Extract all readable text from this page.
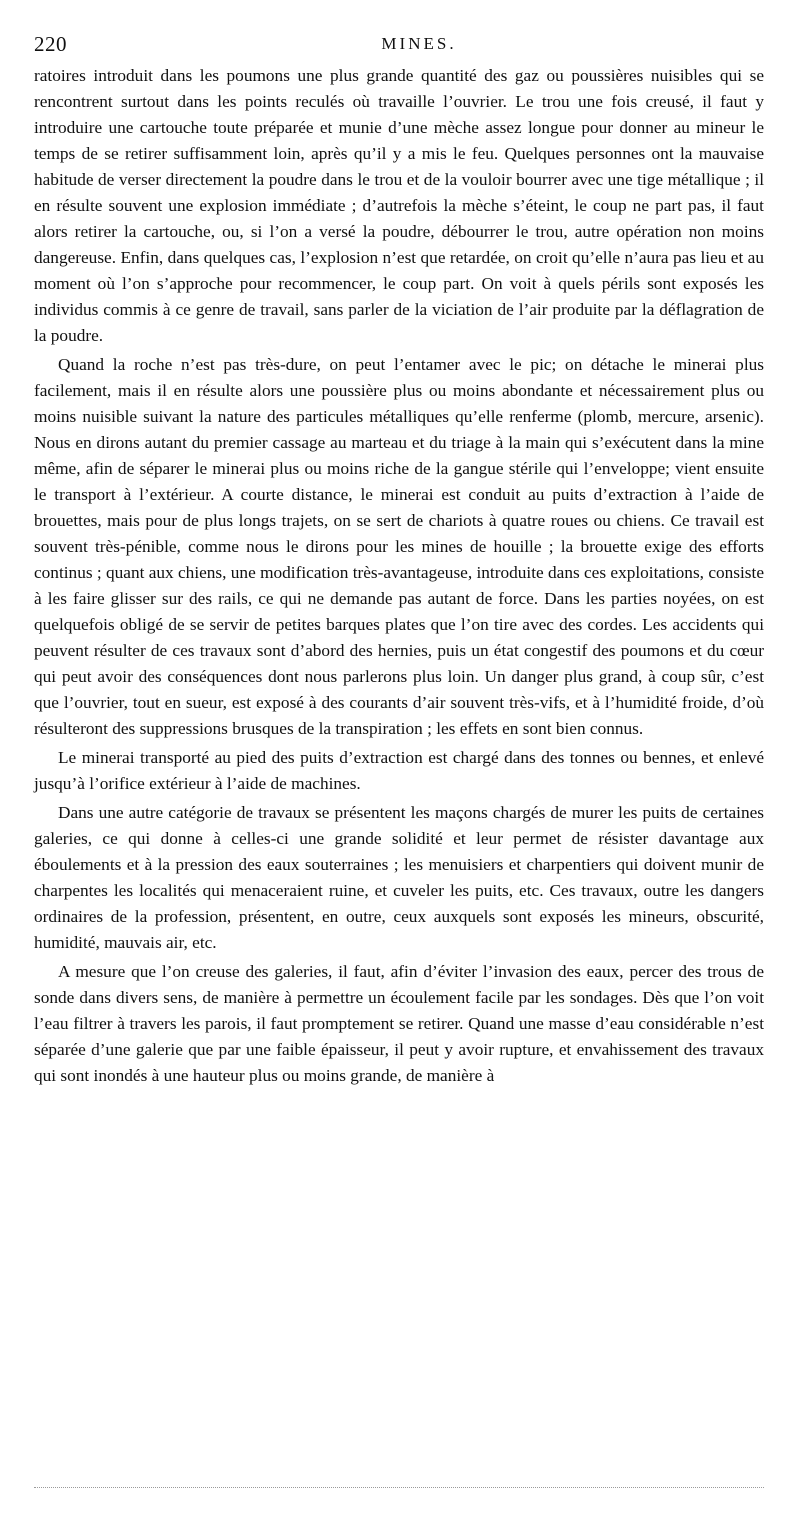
220	MINES.

ratoires introduit dans les poumons une plus grande quantité des gaz ou poussières nuisibles qui se rencontrent surtout dans les points reculés où travaille l’ouvrier. Le trou une fois creusé, il faut y introduire une cartouche toute préparée et munie d’une mèche assez longue pour donner au mineur le temps de se retirer suffisamment loin, après qu’il y a mis le feu. Quelques personnes ont la mauvaise habitude de verser directement la poudre dans le trou et de la vouloir bourrer avec une tige métallique ; il en résulte souvent une explosion immédiate ; d’autrefois la mèche s’éteint, le coup ne part pas, il faut alors retirer la cartouche, ou, si l’on a versé la poudre, débourrer le trou, autre opération non moins dangereuse. Enfin, dans quelques cas, l’explosion n’est que retardée, on croit qu’elle n’aura pas lieu et au moment où l’on s’approche pour recommencer, le coup part. On voit à quels périls sont exposés les individus commis à ce genre de travail, sans parler de la viciation de l’air produite par la déflagration de la poudre.

Quand la roche n’est pas très-dure, on peut l’entamer avec le pic; on détache le minerai plus facilement, mais il en résulte alors une poussière plus ou moins abondante et nécessairement plus ou moins nuisible suivant la nature des particules métalliques qu’elle renferme (plomb, mercure, arsenic). Nous en dirons autant du premier cassage au marteau et du triage à la main qui s’exécutent dans la mine même, afin de séparer le minerai plus ou moins riche de la gangue stérile qui l’enveloppe; vient ensuite le transport à l’extérieur. A courte distance, le minerai est conduit au puits d’extraction à l’aide de brouettes, mais pour de plus longs trajets, on se sert de chariots à quatre roues ou chiens. Ce travail est souvent très-pénible, comme nous le dirons pour les mines de houille ; la brouette exige des efforts continus ; quant aux chiens, une modification très-avantageuse, introduite dans ces exploitations, consiste à les faire glisser sur des rails, ce qui ne demande pas autant de force. Dans les parties noyées, on est quelquefois obligé de se servir de petites barques plates que l’on tire avec des cordes. Les accidents qui peuvent résulter de ces travaux sont d’abord des hernies, puis un état congestif des poumons et du cœur qui peut avoir des conséquences dont nous parlerons plus loin. Un danger plus grand, à coup sûr, c’est que l’ouvrier, tout en sueur, est exposé à des courants d’air souvent très-vifs, et à l’humidité froide, d’où résulteront des suppressions brusques de la transpiration ; les effets en sont bien connus.

Le minerai transporté au pied des puits d’extraction est chargé dans des tonnes ou bennes, et enlevé jusqu’à l’orifice extérieur à l’aide de machines.

Dans une autre catégorie de travaux se présentent les maçons chargés de murer les puits de certaines galeries, ce qui donne à celles-ci une grande solidité et leur permet de résister davantage aux éboulements et à la pression des eaux souterraines ; les menuisiers et charpentiers qui doivent munir de charpentes les localités qui menaceraient ruine, et cuveler les puits, etc. Ces travaux, outre les dangers ordinaires de la profession, présentent, en outre, ceux auxquels sont exposés les mineurs, obscurité, humidité, mauvais air, etc.

A mesure que l’on creuse des galeries, il faut, afin d’éviter l’invasion des eaux, percer des trous de sonde dans divers sens, de manière à permettre un écoulement facile par les sondages. Dès que l’on voit l’eau filtrer à travers les parois, il faut promptement se retirer. Quand une masse d’eau considérable n’est séparée d’une galerie que par une faible épaisseur, il peut y avoir rupture, et envahissement des travaux qui sont inondés à une hauteur plus ou moins grande, de manière à
